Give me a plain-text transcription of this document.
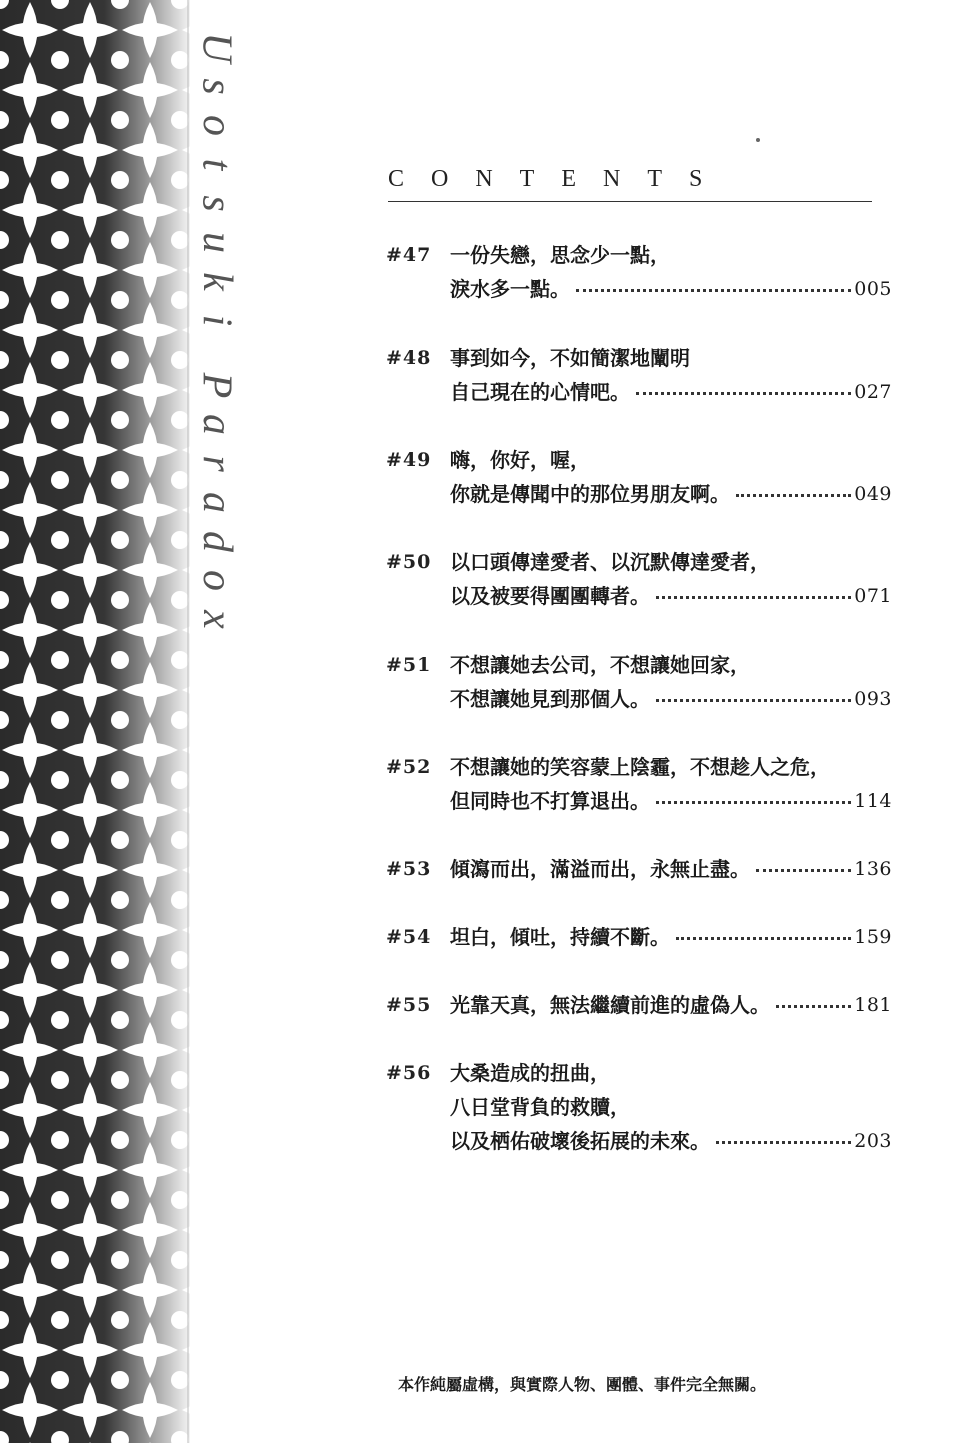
U
s
o
t
s
u
k
i
P
a
r
a
d
o
x
CONTENTS
#47 一份失戀，思念少一點，
淚水多一點。	005
#48 事到如今，不如簡潔地闡明
自己現在的心情吧。	027
#49 嗨，你好，喔，
你就是傳聞中的那位男朋友啊。	049
#50 以口頭傳達愛者、以沉默傳達愛者，
以及被要得團團轉者。	071
#51 不想讓她去公司，不想讓她回家，
不想讓她見到那個人。	093
#52 不想讓她的笑容蒙上陰霾，不想趁人之危，
但同時也不打算退出。	114
#53 傾瀉而出，滿溢而出，永無止盡。	136
#54 坦白，傾吐，持續不斷。	159
#55 光靠天真，無法繼續前進的虛偽人。	181
#56 大桑造成的扭曲，
八日堂背負的救贖，
以及栖佑破壞後拓展的未來。	203

本作純屬虛構，與實際人物、團體、事件完全無關。
